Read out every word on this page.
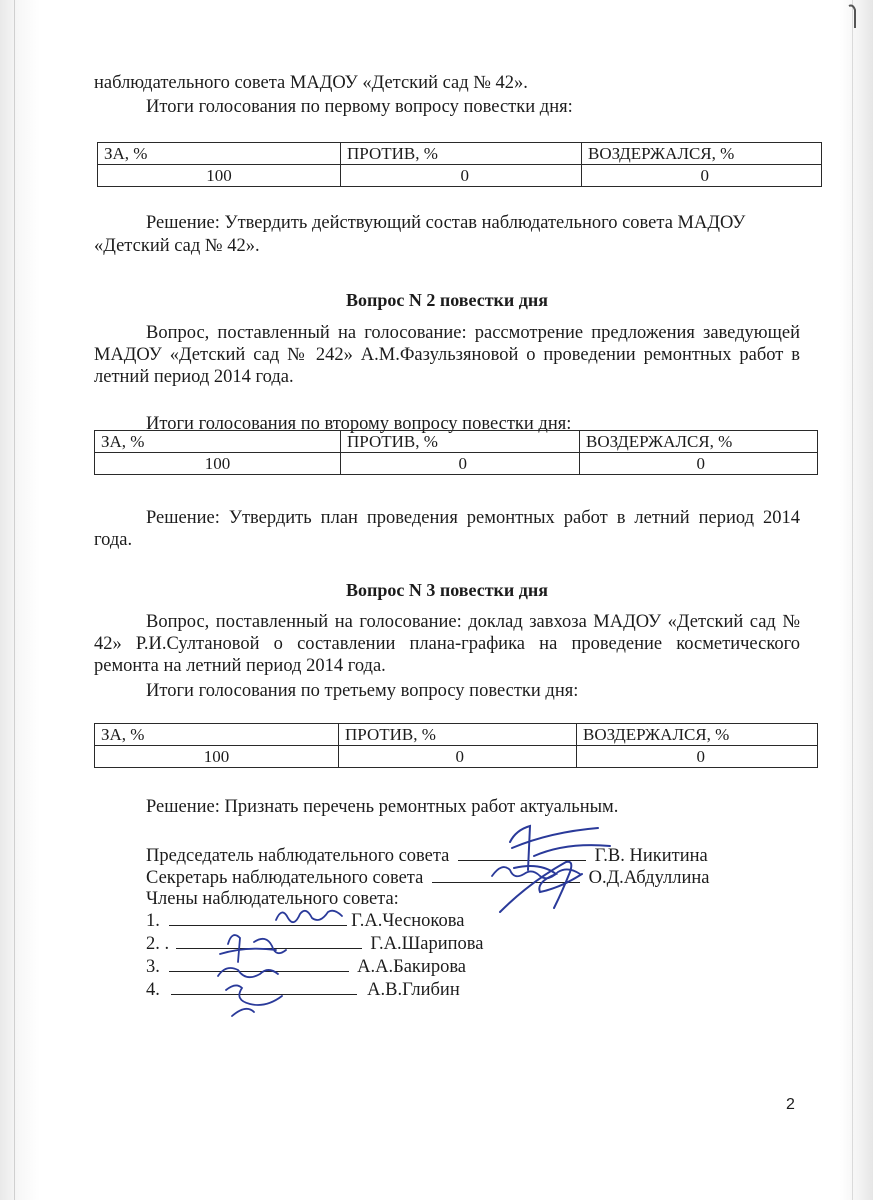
наблюдательного совета МАДОУ «Детский сад № 42».
Итоги голосования по первому вопросу повестки дня:
ЗА, %	ПРОТИВ, %	ВОЗДЕРЖАЛСЯ, %
100	0	0
Решение: Утвердить действующий состав наблюдательного совета МАДОУ
«Детский сад № 42».
Вопрос N 2 повестки дня
Вопрос, поставленный на голосование: рассмотрение предложения заведующей МАДОУ «Детский сад № 242» А.М.Фазульзяновой о проведении ремонтных работ в летний период 2014 года.
Итоги голосования по второму вопросу повестки дня:
ЗА, %	ПРОТИВ, %	ВОЗДЕРЖАЛСЯ, %
100	0	0
Решение: Утвердить план проведения ремонтных работ в летний период 2014 года.
Вопрос N 3 повестки дня
Вопрос, поставленный на голосование: доклад завхоза МАДОУ «Детский сад № 42» Р.И.Султановой о составлении плана-графика на проведение косметического ремонта на летний период 2014 года.
Итоги голосования по третьему вопросу повестки дня:
ЗА, %	ПРОТИВ, %	ВОЗДЕРЖАЛСЯ, %
100	0	0
Решение: Признать перечень ремонтных работ актуальным.
Председатель наблюдательного совета	Г.В. Никитина
Секретарь наблюдательного совета	О.Д.Абдуллина
Члены наблюдательного совета:
1.	Г.А.Чеснокова
2. .	Г.А.Шарипова
3.	А.А.Бакирова
4.	А.В.Глибин
2
